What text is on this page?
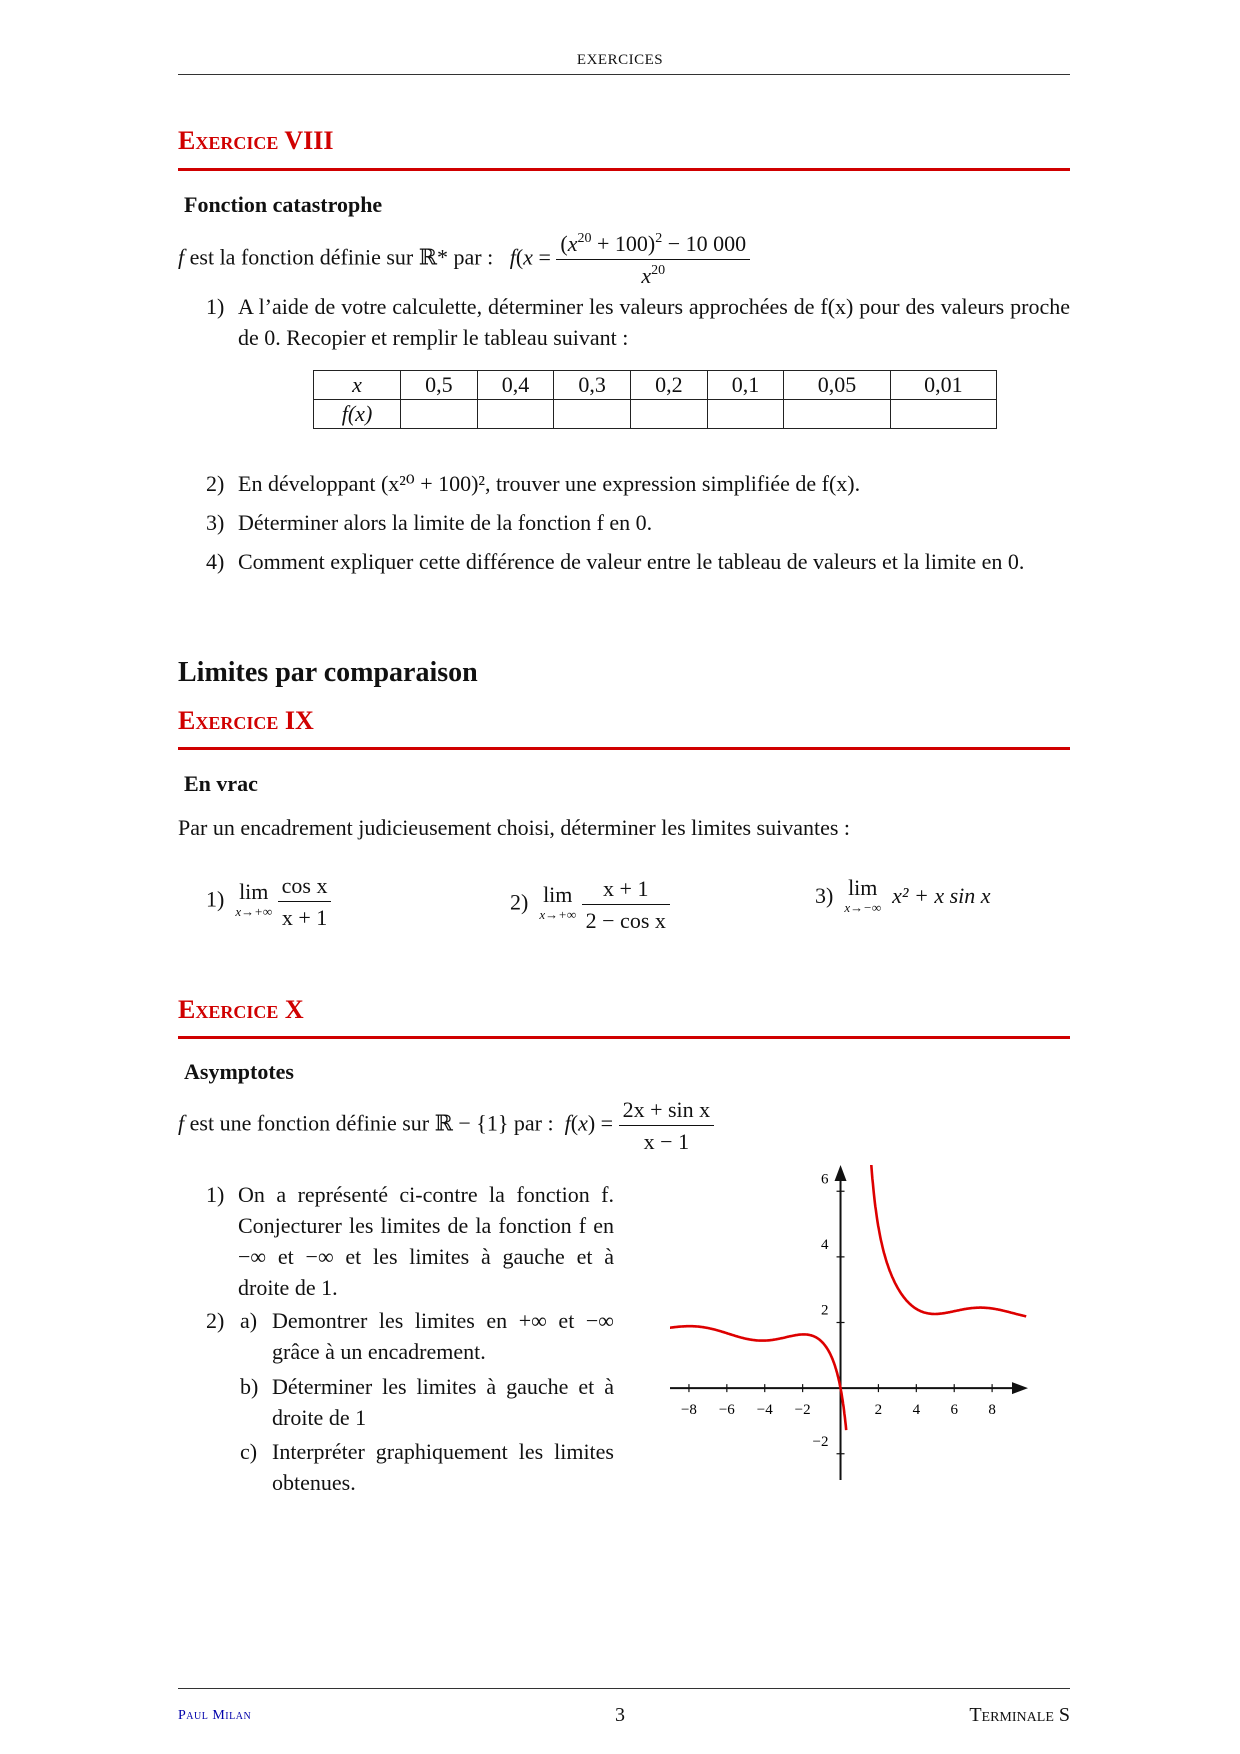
EXERCICES
Exercice VIII
Fonction catastrophe
f est la fonction définie sur ℝ* par : $f(x = \frac{(x^{20} + 100)^2 - 10 000}{x^{20}}$
1) A l’aide de votre calculette, déterminer les valeurs approchées de f(x) pour des valeurs proche de 0. Recopier et remplir le tableau suivant :
x	0,5	0,4	0,3	0,2	0,1	0,05	0,01
f(x)							
2) En développant (x²⁰ + 100)², trouver une expression simplifiée de f(x).
3) Déterminer alors la limite de la fonction f en 0.
4) Comment expliquer cette différence de valeur entre le tableau de valeurs et la limite en 0.
Limites par comparaison
Exercice IX
En vrac
Par un encadrement judicieusement choisi, déterminer les limites suivantes :
1) lim
x→+∞
$\frac{\text{cos x}}{x + 1}$	2) lim
x→+∞
$\frac{x + 1}{\text{2 − cos x}}$	3) lim
x→−∞ x² + x sin x
Exercice X
Asymptotes
f est une fonction définie sur ℝ − {1} par : $f(x) = \frac{\text{2x + sin x}}{x - 1}$
1) On a représenté ci-contre la fonction f. Conjecturer les limites de la fonction f en −∞ et −∞ et les limites à gauche et à droite de 1.
2) a) Demontrer les limites en +∞ et −∞ grâce à un encadrement.
b) Déterminer les limites à gauche et à droite de 1
c) Interpréter graphiquement les limites obtenues.
−8 −6 −4 −2	2 4 6 8
6
4
2
−2
Paul Milan	3	Terminale S
